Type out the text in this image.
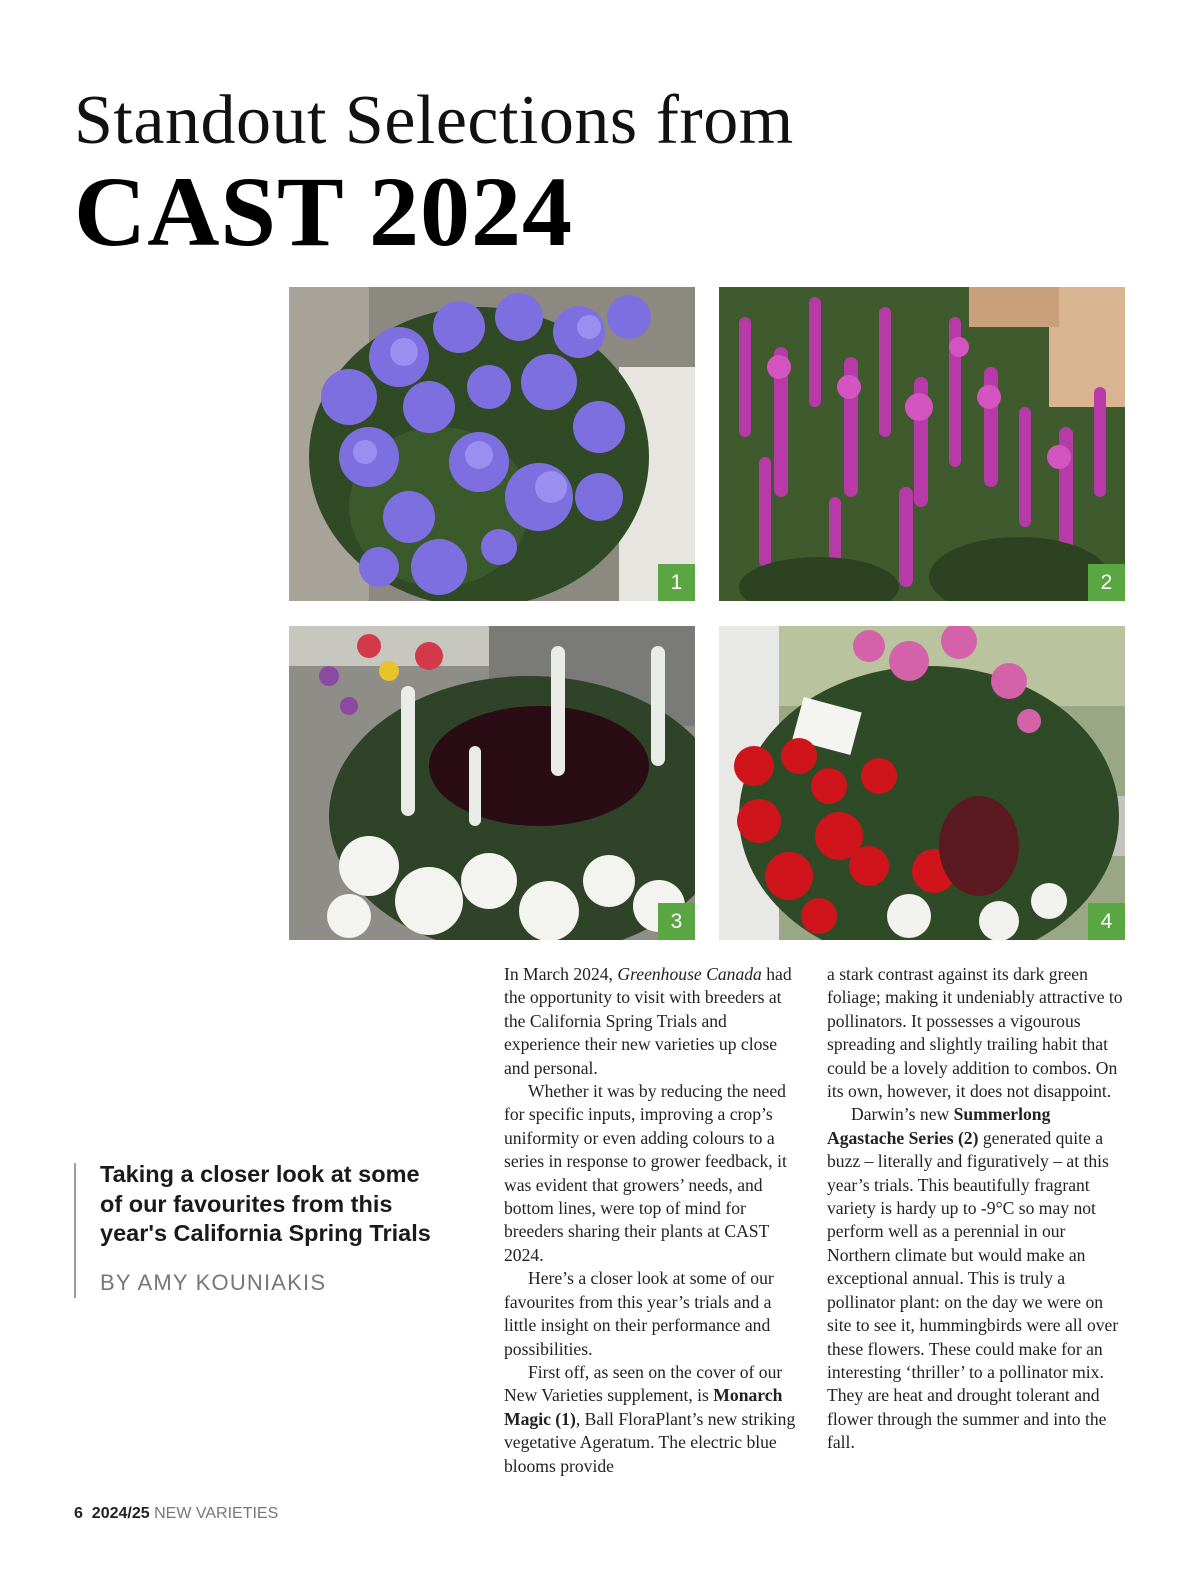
Standout Selections from
CAST 2024
1	2
3	4
Taking a closer look at some of our favourites from this year's California Spring Trials
BY AMY KOUNIAKIS

In March 2024, Greenhouse Canada had the opportunity to visit with breeders at the California Spring Trials and experience their new varieties up close and personal.

Whether it was by reducing the need for specific inputs, improving a crop’s uniformity or even adding colours to a series in response to grower feedback, it was evident that growers’ needs, and bottom lines, were top of mind for breeders sharing their plants at CAST 2024.

Here’s a closer look at some of our favourites from this year’s trials and a little insight on their performance and possibilities.

First off, as seen on the cover of our New Varieties supplement, is Monarch Magic (1), Ball FloraPlant’s new striking vegetative Ageratum. The electric blue blooms provide

a stark contrast against its dark green foliage; making it undeniably attractive to pollinators. It possesses a vigourous spreading and slightly trailing habit that could be a lovely addition to combos. On its own, however, it does not disappoint.

Darwin’s new Summerlong Agastache Series (2) generated quite a buzz – literally and figuratively – at this year’s trials. This beautifully fragrant variety is hardy up to -9°C so may not perform well as a perennial in our Northern climate but would make an exceptional annual. This is truly a pollinator plant: on the day we were on site to see it, hummingbirds were all over these flowers. These could make for an interesting ‘thriller’ to a pollinator mix. They are heat and drought tolerant and flower through the summer and into the fall.

6 2024/25 NEW VARIETIES
